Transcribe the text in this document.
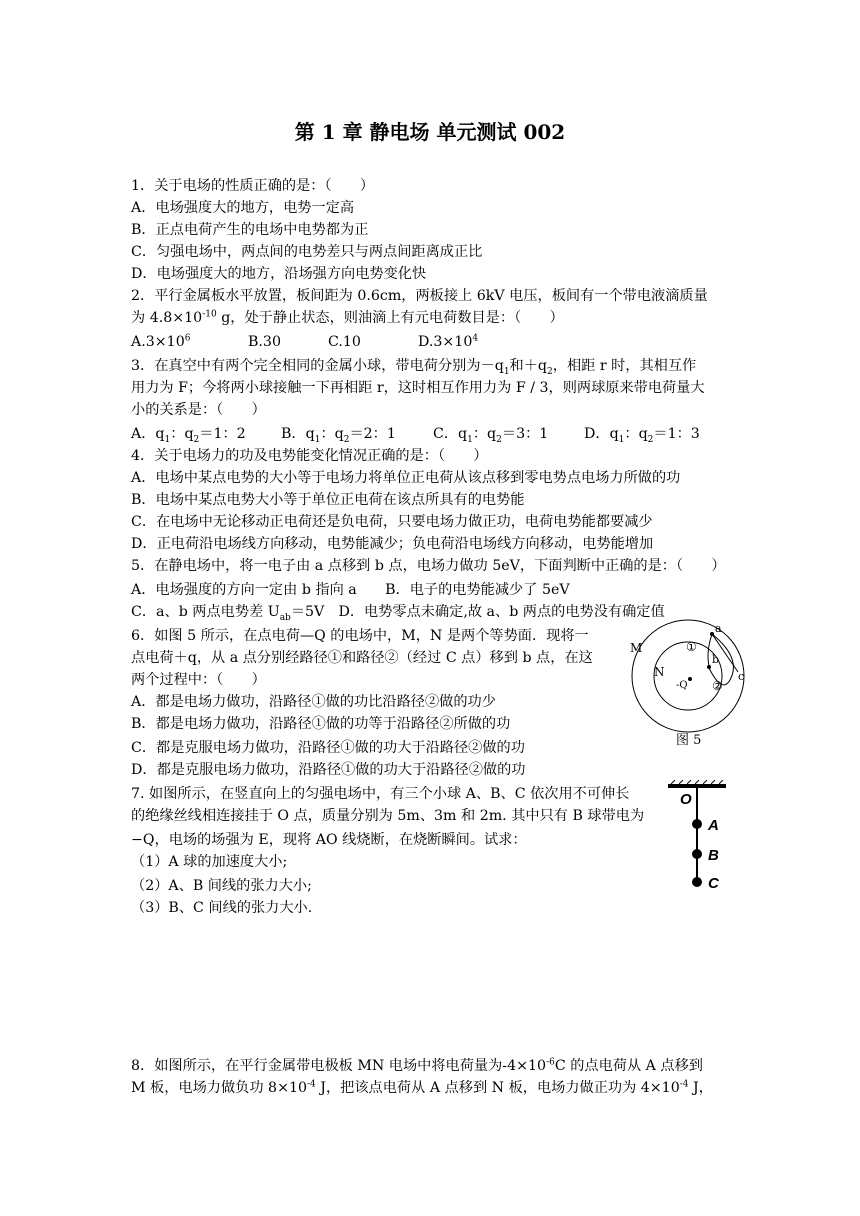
第 1 章 静电场 单元测试 002
1．关于电场的性质正确的是：（　　）
A．电场强度大的地方，电势一定高
B．正点电荷产生的电场中电势都为正
C．匀强电场中，两点间的电势差只与两点间距离成正比
D．电场强度大的地方，沿场强方向电势变化快
2．平行金属板水平放置，板间距为 0.6cm，两板接上 6kV 电压，板间有一个带电液滴质量
为 $4.8\times 10^{-10}$ g，处于静止状态，则油滴上有元电荷数目是：（　　）
$A.3\times 10^6$	B.30	C.10	$D.3\times 10^4$
3．在真空中有两个完全相同的金属小球，带电荷分别为$-q_1$和$+q_2$，相距 r 时，其相互作
用力为 F；今将两小球接触一下再相距 r，这时相互作用力为 F / 3，则两球原来带电荷量大
小的关系是：（　　）
A．$q_1$：$q_2=1$：2 B．$q_1$：$q_2=2$：1	C．$q_1$：$q_2=3$：1	D．$q_1$：$q_2=1$：3
4．关于电场力的功及电势能变化情况正确的是：（　　）
A．电场中某点电势的大小等于电场力将单位正电荷从该点移到零电势点电场力所做的功
B．电场中某点电势大小等于单位正电荷在该点所具有的电势能
C．在电场中无论移动正电荷还是负电荷，只要电场力做正功，电荷电势能都要减少
D．正电荷沿电场线方向移动，电势能减少；负电荷沿电场线方向移动，电势能增加
5．在静电场中，将一电子由 a 点移到 b 点，电场力做功 5eV，下面判断中正确的是：（　　）
A．电场强度的方向一定由 b 指向 a　　B．电子的电势能减少了 5eV
C．a、b 两点电势差 $U_{ab}=5V$　D．电势零点未确定,故 a、b 两点的电势没有确定值
6．如图 5 所示，在点电荷—Q 的电场中，M，N 是两个等势面．现将一
点电荷＋q，从 a 点分别经路径①和路径②（经过 C 点）移到 b 点，在这
两个过程中：（　　）
A．都是电场力做功，沿路径①做的功比沿路径②做的功少
B．都是电场力做功，沿路径①做的功等于沿路径②所做的功
C．都是克服电场力做功，沿路径①做的功大于沿路径②做的功
D．都是克服电场力做功，沿路径①做的功大于沿路径②做的功
M
N
-Q
a
b
c
①
②
图 5
7. 如图所示，在竖直向上的匀强电场中，有三个小球 A、B、C 依次用不可伸长
的绝缘丝线相连接挂于 O 点，质量分别为 5m、3m 和 2m. 其中只有 B 球带电为
−Q，电场的场强为 E，现将 AO 线烧断，在烧断瞬间。试求：
（1）A 球的加速度大小;
（2）A、B 间线的张力大小;
（3）B、C 间线的张力大小.
O
A
B
C
8．如图所示，在平行金属带电极板 MN 电场中将电荷量为$-4\times 10^{-6}C$ 的点电荷从 A 点移到
M 板，电场力做负功 $8\times 10^{-4}$ J，把该点电荷从 A 点移到 N 板，电场力做正功为 $4\times 10^{-4}$ J，
